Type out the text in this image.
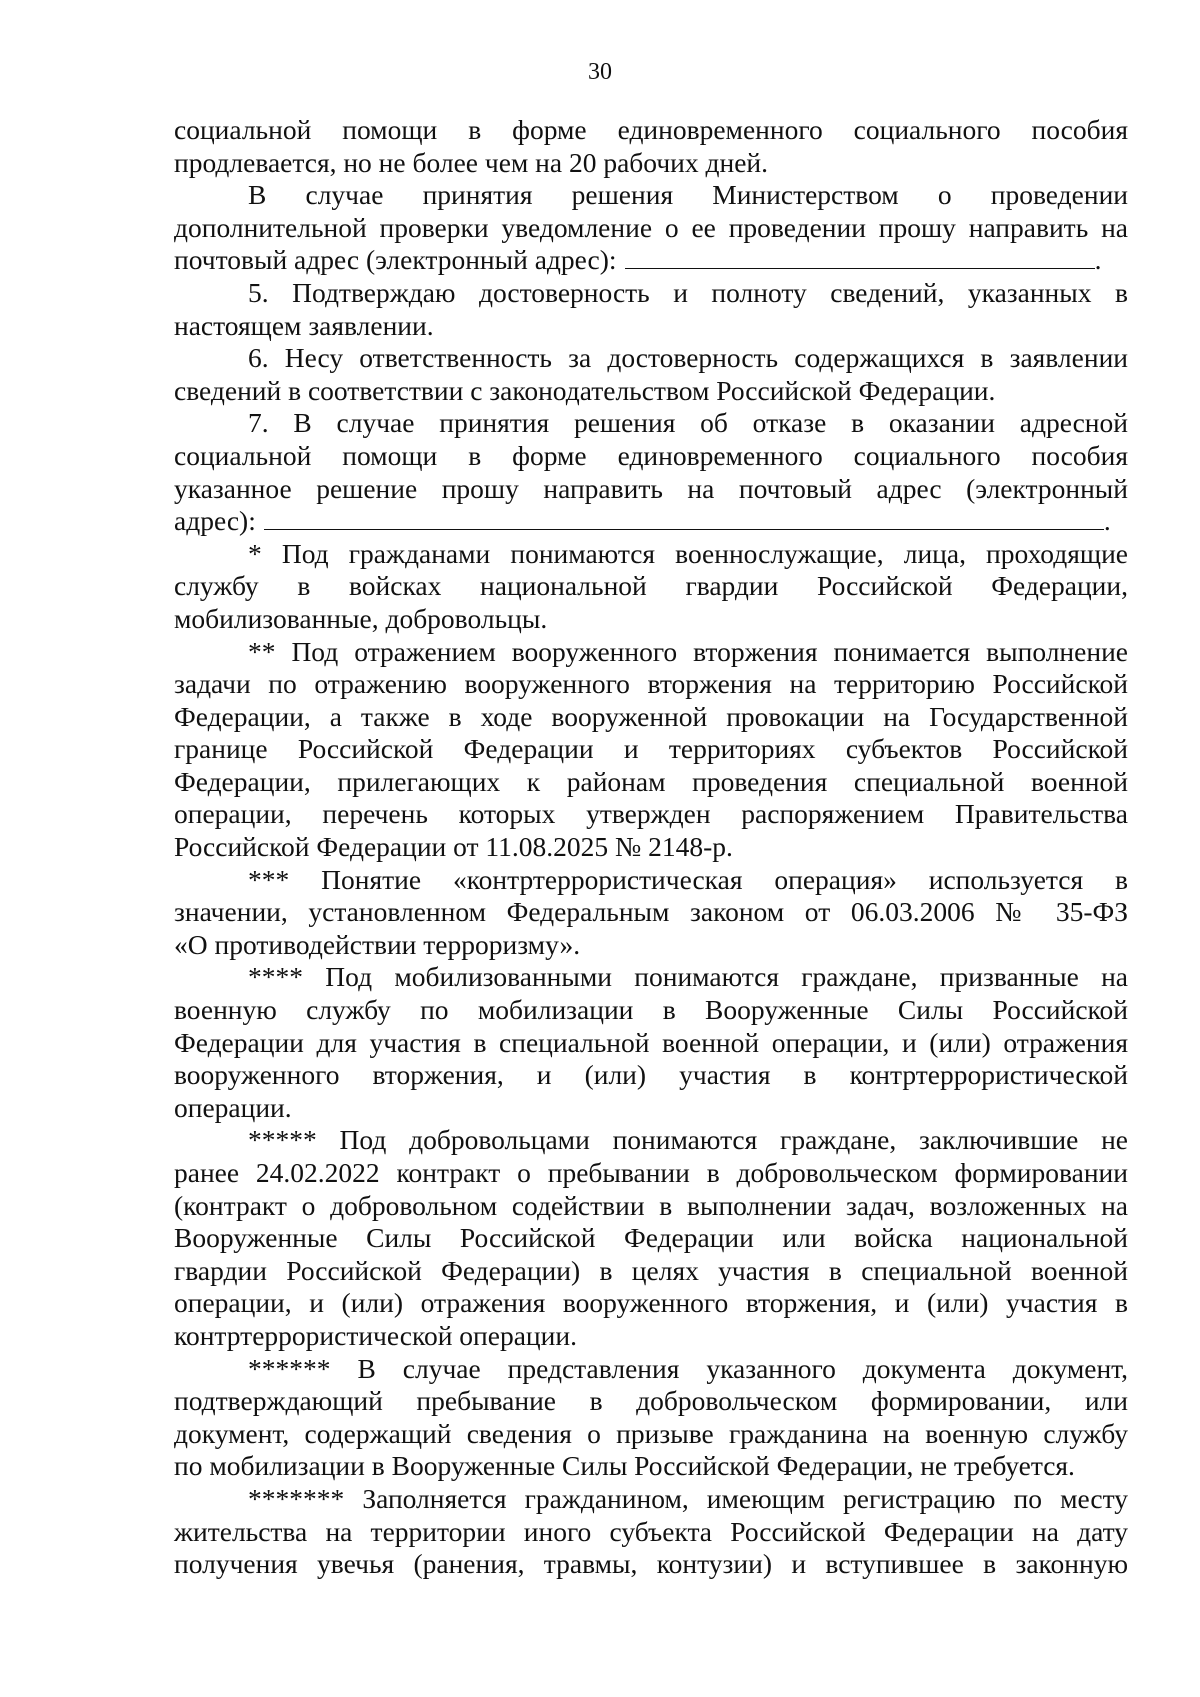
30
социальной помощи в форме единовременного социального пособия
продлевается, но не более чем на 20 рабочих дней.
В случае принятия решения Министерством о проведении
дополнительной проверки уведомление о ее проведении прошу направить на
почтовый адрес (электронный адрес):	.
5. Подтверждаю достоверность и полноту сведений, указанных в
настоящем заявлении.
6. Несу ответственность за достоверность содержащихся в заявлении
сведений в соответствии с законодательством Российской Федерации.
7. В случае принятия решения об отказе в оказании адресной
социальной помощи в форме единовременного социального пособия
указанное решение прошу направить на почтовый адрес (электронный
адрес):	.
* Под гражданами понимаются военнослужащие, лица, проходящие
службу в войсках национальной гвардии Российской Федерации,
мобилизованные, добровольцы.
** Под отражением вооруженного вторжения понимается выполнение
задачи по отражению вооруженного вторжения на территорию Российской
Федерации, а также в ходе вооруженной провокации на Государственной
границе Российской Федерации и территориях субъектов Российской
Федерации, прилегающих к районам проведения специальной военной
операции, перечень которых утвержден распоряжением Правительства
Российской Федерации от 11.08.2025 № 2148-р.
*** Понятие «контртеррористическая операция» используется в
значении, установленном Федеральным законом от 06.03.2006 № 35-ФЗ
«О противодействии терроризму».
**** Под мобилизованными понимаются граждане, призванные на
военную службу по мобилизации в Вооруженные Силы Российской
Федерации для участия в специальной военной операции, и (или) отражения
вооруженного вторжения, и (или) участия в контртеррористической
операции.
***** Под добровольцами понимаются граждане, заключившие не
ранее 24.02.2022 контракт о пребывании в добровольческом формировании
(контракт о добровольном содействии в выполнении задач, возложенных на
Вооруженные Силы Российской Федерации или войска национальной
гвардии Российской Федерации) в целях участия в специальной военной
операции, и (или) отражения вооруженного вторжения, и (или) участия в
контртеррористической операции.
****** В случае представления указанного документа документ,
подтверждающий пребывание в добровольческом формировании, или
документ, содержащий сведения о призыве гражданина на военную службу
по мобилизации в Вооруженные Силы Российской Федерации, не требуется.
******* Заполняется гражданином, имеющим регистрацию по месту
жительства на территории иного субъекта Российской Федерации на дату
получения увечья (ранения, травмы, контузии) и вступившее в законную
